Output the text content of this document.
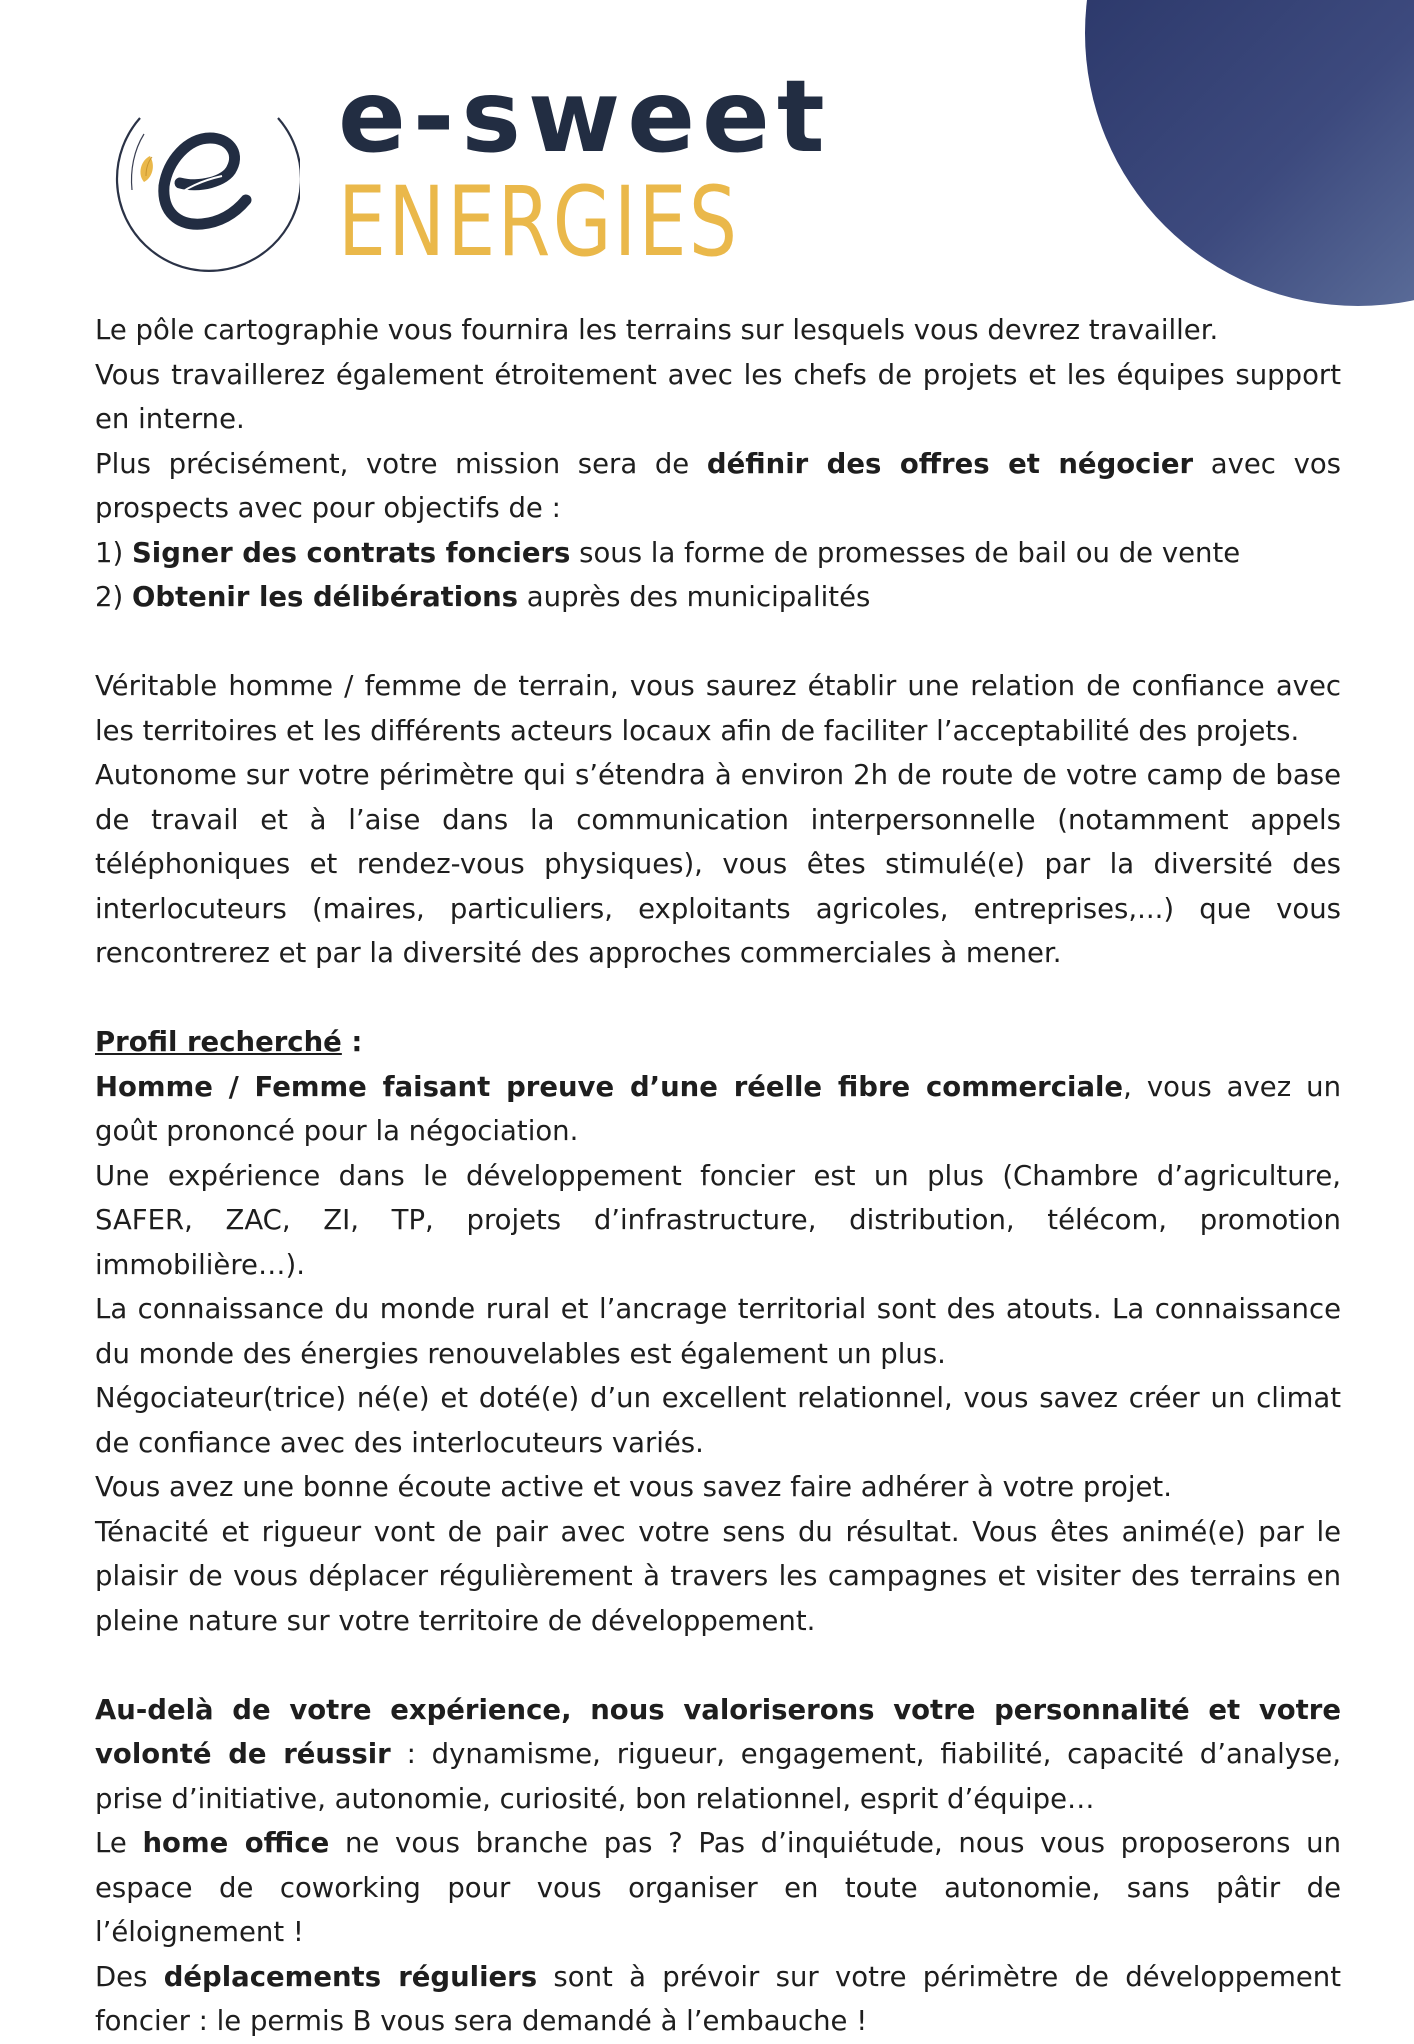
e-sweet
ENERGIES

Le pôle cartographie vous fournira les terrains sur lesquels vous devrez travailler.

Vous travaillerez également étroitement avec les chefs de projets et les équipes support en interne.

Plus précisément, votre mission sera de définir des offres et négocier avec vos prospects avec pour objectifs de :

1) Signer des contrats fonciers sous la forme de promesses de bail ou de vente

2) Obtenir les délibérations auprès des municipalités

Véritable homme / femme de terrain, vous saurez établir une relation de confiance avec les territoires et les différents acteurs locaux afin de faciliter l’acceptabilité des projets.

Autonome sur votre périmètre qui s’étendra à environ 2h de route de votre camp de base de travail et à l’aise dans la communication interpersonnelle (notamment appels téléphoniques et rendez-vous physiques), vous êtes stimulé(e) par la diversité des interlocuteurs (maires, particuliers, exploitants agricoles, entreprises,...) que vous rencontrerez et par la diversité des approches commerciales à mener.

Profil recherché :

Homme / Femme faisant preuve d’une réelle fibre commerciale, vous avez un goût prononcé pour la négociation.

Une expérience dans le développement foncier est un plus (Chambre d’agriculture, SAFER, ZAC, ZI, TP, projets d’infrastructure, distribution, télécom, promotion immobilière…).

La connaissance du monde rural et l’ancrage territorial sont des atouts. La connaissance du monde des énergies renouvelables est également un plus.

Négociateur(trice) né(e) et doté(e) d’un excellent relationnel, vous savez créer un climat de confiance avec des interlocuteurs variés.

Vous avez une bonne écoute active et vous savez faire adhérer à votre projet.

Ténacité et rigueur vont de pair avec votre sens du résultat. Vous êtes animé(e) par le plaisir de vous déplacer régulièrement à travers les campagnes et visiter des terrains en pleine nature sur votre territoire de développement.

Au-delà de votre expérience, nous valoriserons votre personnalité et votre volonté de réussir : dynamisme, rigueur, engagement, fiabilité, capacité d’analyse, prise d’initiative, autonomie, curiosité, bon relationnel, esprit d’équipe…

Le home office ne vous branche pas ? Pas d’inquiétude, nous vous proposerons un espace de coworking pour vous organiser en toute autonomie, sans pâtir de l’éloignement !

Des déplacements réguliers sont à prévoir sur votre périmètre de développement foncier : le permis B vous sera demandé à l’embauche !
